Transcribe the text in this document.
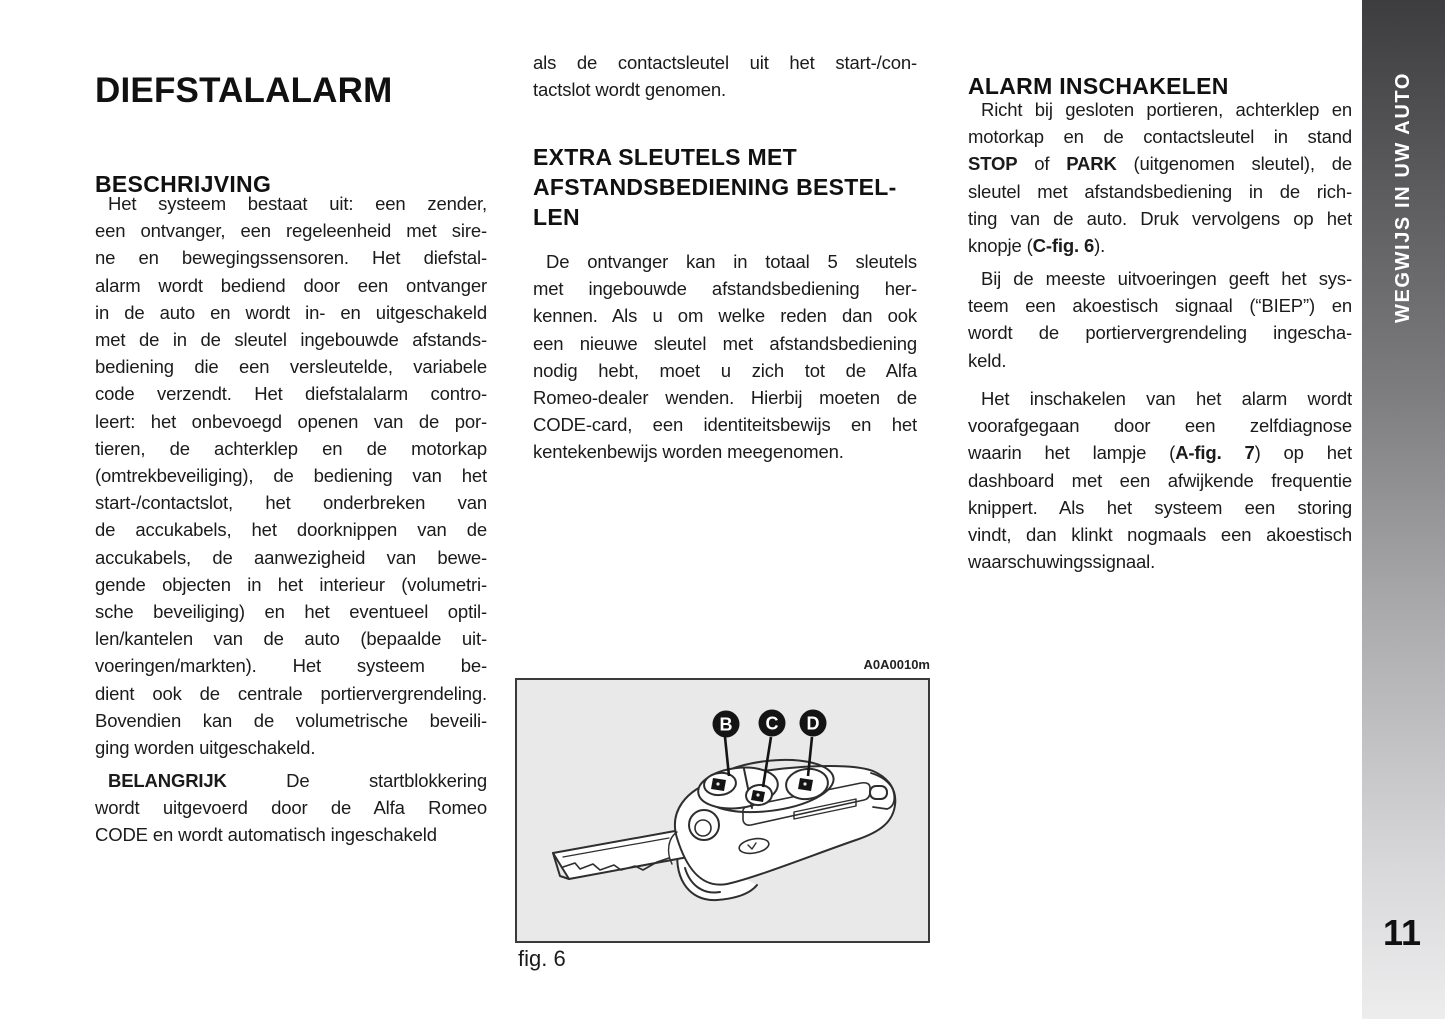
DIEFSTALALARM
BESCHRIJVING
Het systeem bestaat uit: een zender,
een ontvanger, een regeleenheid met sire-
ne en bewegingssensoren. Het diefstal-
alarm wordt bediend door een ontvanger
in de auto en wordt in- en uitgeschakeld
met de in de sleutel ingebouwde afstands-
bediening die een versleutelde, variabele
code verzendt. Het diefstalalarm contro-
leert: het onbevoegd openen van de por-
tieren, de achterklep en de motorkap
(omtrekbeveiliging), de bediening van het
start-/contactslot, het onderbreken van
de accukabels, het doorknippen van de
accukabels, de aanwezigheid van bewe-
gende objecten in het interieur (volumetri-
sche beveiliging) en het eventueel optil-
len/kantelen van de auto (bepaalde uit-
voeringen/markten). Het systeem be-
dient ook de centrale portiervergrendeling.
Bovendien kan de volumetrische beveili-
ging worden uitgeschakeld.
BELANGRIJK De startblokkering
wordt uitgevoerd door de Alfa Romeo
CODE en wordt automatisch ingeschakeld
als de contactsleutel uit het start-/con-
tactslot wordt genomen.
EXTRA SLEUTELS MET
AFSTANDSBEDIENING BESTEL-
LEN
De ontvanger kan in totaal 5 sleutels
met ingebouwde afstandsbediening her-
kennen. Als u om welke reden dan ook
een nieuwe sleutel met afstandsbediening
nodig hebt, moet u zich tot de Alfa
Romeo-dealer wenden. Hierbij moeten de
CODE-card, een identiteitsbewijs en het
kentekenbewijs worden meegenomen.
A0A0010m
B C D
fig. 6
ALARM INSCHAKELEN
Richt bij gesloten portieren, achterklep en
motorkap en de contactsleutel in stand
STOP of PARK (uitgenomen sleutel), de
sleutel met afstandsbediening in de rich-
ting van de auto. Druk vervolgens op het
knopje (C-fig. 6).
Bij de meeste uitvoeringen geeft het sys-
teem een akoestisch signaal (“BIEP”) en
wordt de portiervergrendeling ingescha-
keld.
Het inschakelen van het alarm wordt
voorafgegaan door een zelfdiagnose
waarin het lampje (A-fig. 7) op het
dashboard met een afwijkende frequentie
knippert. Als het systeem een storing
vindt, dan klinkt nogmaals een akoestisch
waarschuwingssignaal.
WEGWIJS IN UW AUTO
11
